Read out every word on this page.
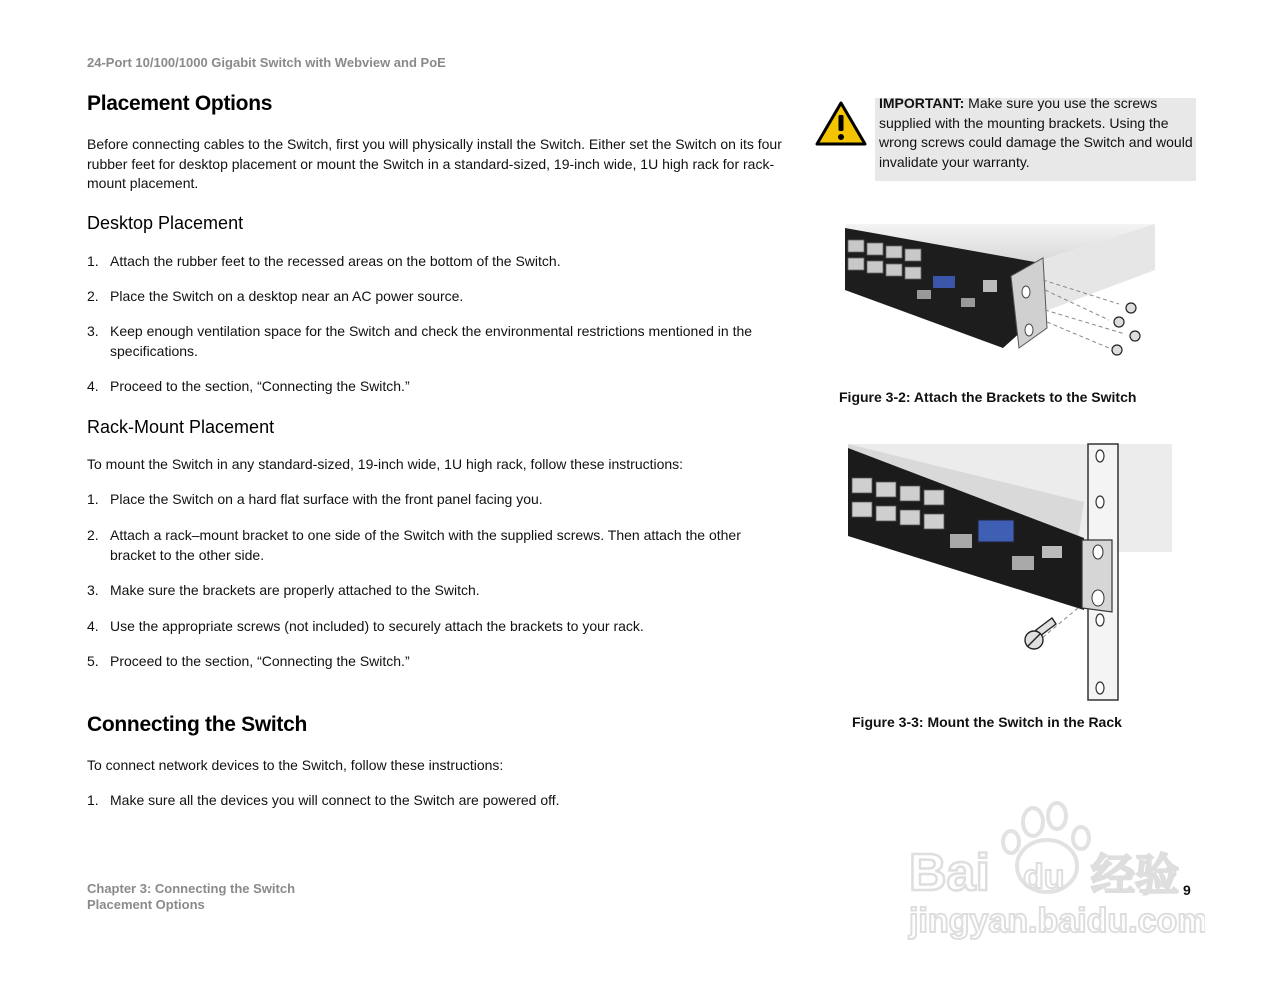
24-Port 10/100/1000 Gigabit Switch with Webview and PoE
Placement Options
Before connecting cables to the Switch, first you will physically install the Switch. Either set the Switch on its four rubber feet for desktop placement or mount the Switch in a standard-sized, 19-inch wide, 1U high rack for rack-mount placement.
Desktop Placement
1. Attach the rubber feet to the recessed areas on the bottom of the Switch.
2. Place the Switch on a desktop near an AC power source.
3. Keep enough ventilation space for the Switch and check the environmental restrictions mentioned in the specifications.
4. Proceed to the section, “Connecting the Switch.”
Rack-Mount Placement
To mount the Switch in any standard-sized, 19-inch wide, 1U high rack, follow these instructions:
1. Place the Switch on a hard flat surface with the front panel facing you.
2. Attach a rack–mount bracket to one side of the Switch with the supplied screws. Then attach the other bracket to the other side.
3. Make sure the brackets are properly attached to the Switch.
4. Use the appropriate screws (not included) to securely attach the brackets to your rack.
5. Proceed to the section, “Connecting the Switch.”
Connecting the Switch
To connect network devices to the Switch, follow these instructions:
1. Make sure all the devices you will connect to the Switch are powered off.
IMPORTANT: Make sure you use the screws supplied with the mounting brackets. Using the wrong screws could damage the Switch and would invalidate your warranty.
Figure 3-2: Attach the Brackets to the Switch
Figure 3-3: Mount the Switch in the Rack
Chapter 3: Connecting the Switch
Placement Options
9
Bai du 经验
jingyan.baidu.com
